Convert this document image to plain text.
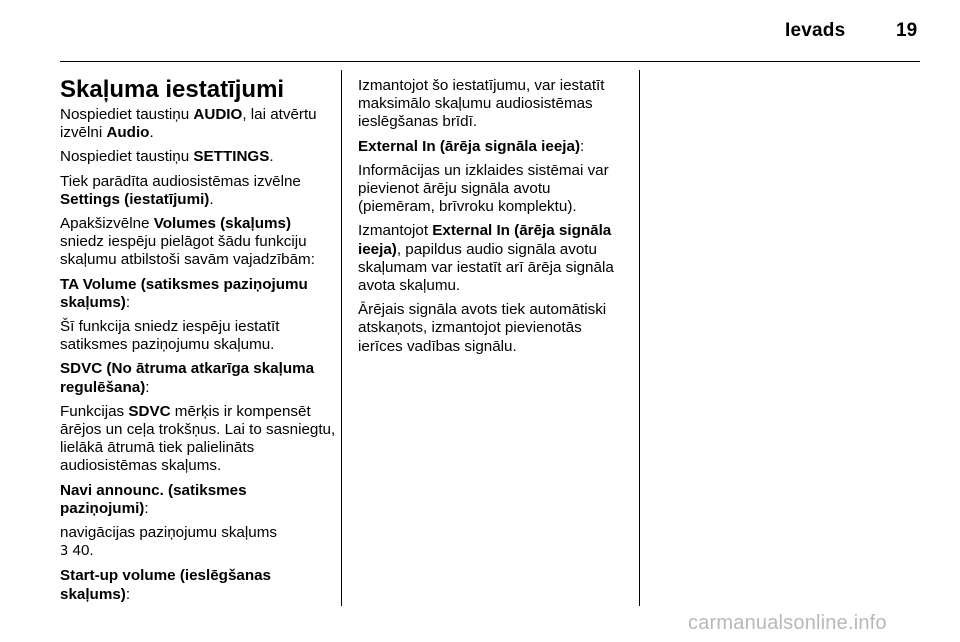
Ievads	19
Skaļuma iestatījumi

Nospiediet taustiņu AUDIO, lai atvērtu izvēlni Audio.

Nospiediet taustiņu SETTINGS.

Tiek parādīta audiosistēmas izvēlne Settings (iestatījumi).

Apakšizvēlne Volumes (skaļums) sniedz iespēju pielāgot šādu funkciju skaļumu atbilstoši savām vajadzībām:

TA Volume (satiksmes paziņojumu skaļums):

Šī funkcija sniedz iespēju iestatīt satiksmes paziņojumu skaļumu.

SDVC (No ātruma atkarīga skaļuma regulēšana):

Funkcijas SDVC mērķis ir kompensēt ārējos un ceļa trokšņus. Lai to sasniegtu, lielākā ātrumā tiek palielināts audiosistēmas skaļums.

Navi announc. (satiksmes paziņojumi):

navigācijas paziņojumu skaļums
3 40.

Start-up volume (ieslēgšanas skaļums):

Izmantojot šo iestatījumu, var iestatīt maksimālo skaļumu audiosistēmas ieslēgšanas brīdī.

External In (ārēja signāla ieeja):

Informācijas un izklaides sistēmai var pievienot ārēju signāla avotu (piemēram, brīvroku komplektu).

Izmantojot External In (ārēja signāla ieeja), papildus audio signāla avotu skaļumam var iestatīt arī ārēja signāla avota skaļumu.

Ārējais signāla avots tiek automātiski atskaņots, izmantojot pievienotās ierīces vadības signālu.

carmanualsonline.info
